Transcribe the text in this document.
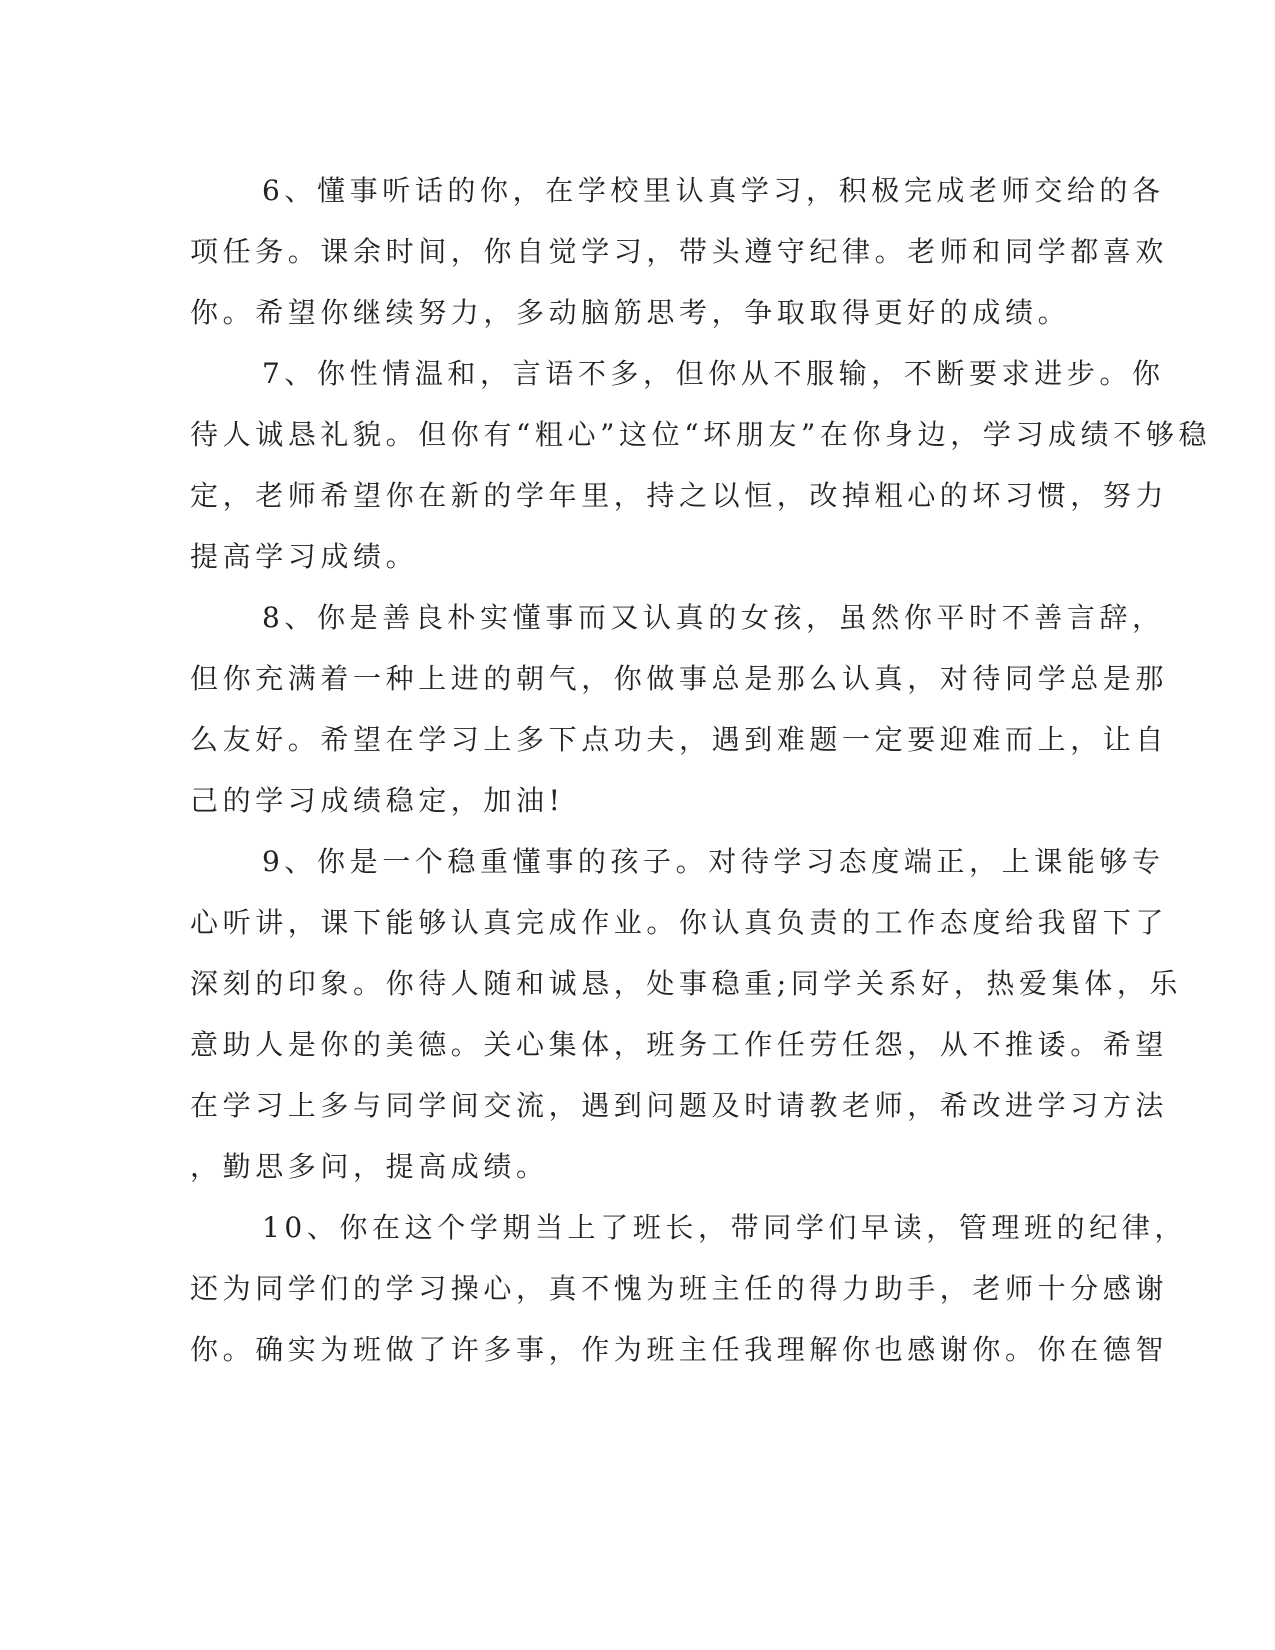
6、懂事听话的你，在学校里认真学习，积极完成老师交给的各
项任务。课余时间，你自觉学习，带头遵守纪律。老师和同学都喜欢
你。希望你继续努力，多动脑筋思考，争取取得更好的成绩。
7、你性情温和，言语不多，但你从不服输，不断要求进步。你
待人诚恳礼貌。但你有“粗心”这位“坏朋友”在你身边，学习成绩不够稳
定，老师希望你在新的学年里，持之以恒，改掉粗心的坏习惯，努力
提高学习成绩。
8、你是善良朴实懂事而又认真的女孩，虽然你平时不善言辞，
但你充满着一种上进的朝气，你做事总是那么认真，对待同学总是那
么友好。希望在学习上多下点功夫，遇到难题一定要迎难而上，让自
己的学习成绩稳定，加油!
9、你是一个稳重懂事的孩子。对待学习态度端正，上课能够专
心听讲，课下能够认真完成作业。你认真负责的工作态度给我留下了
深刻的印象。你待人随和诚恳，处事稳重;同学关系好，热爱集体，乐
意助人是你的美德。关心集体，班务工作任劳任怨，从不推诿。希望
在学习上多与同学间交流，遇到问题及时请教老师，希改进学习方法
，勤思多问，提高成绩。
10、你在这个学期当上了班长，带同学们早读，管理班的纪律，
还为同学们的学习操心，真不愧为班主任的得力助手，老师十分感谢
你。确实为班做了许多事，作为班主任我理解你也感谢你。你在德智
